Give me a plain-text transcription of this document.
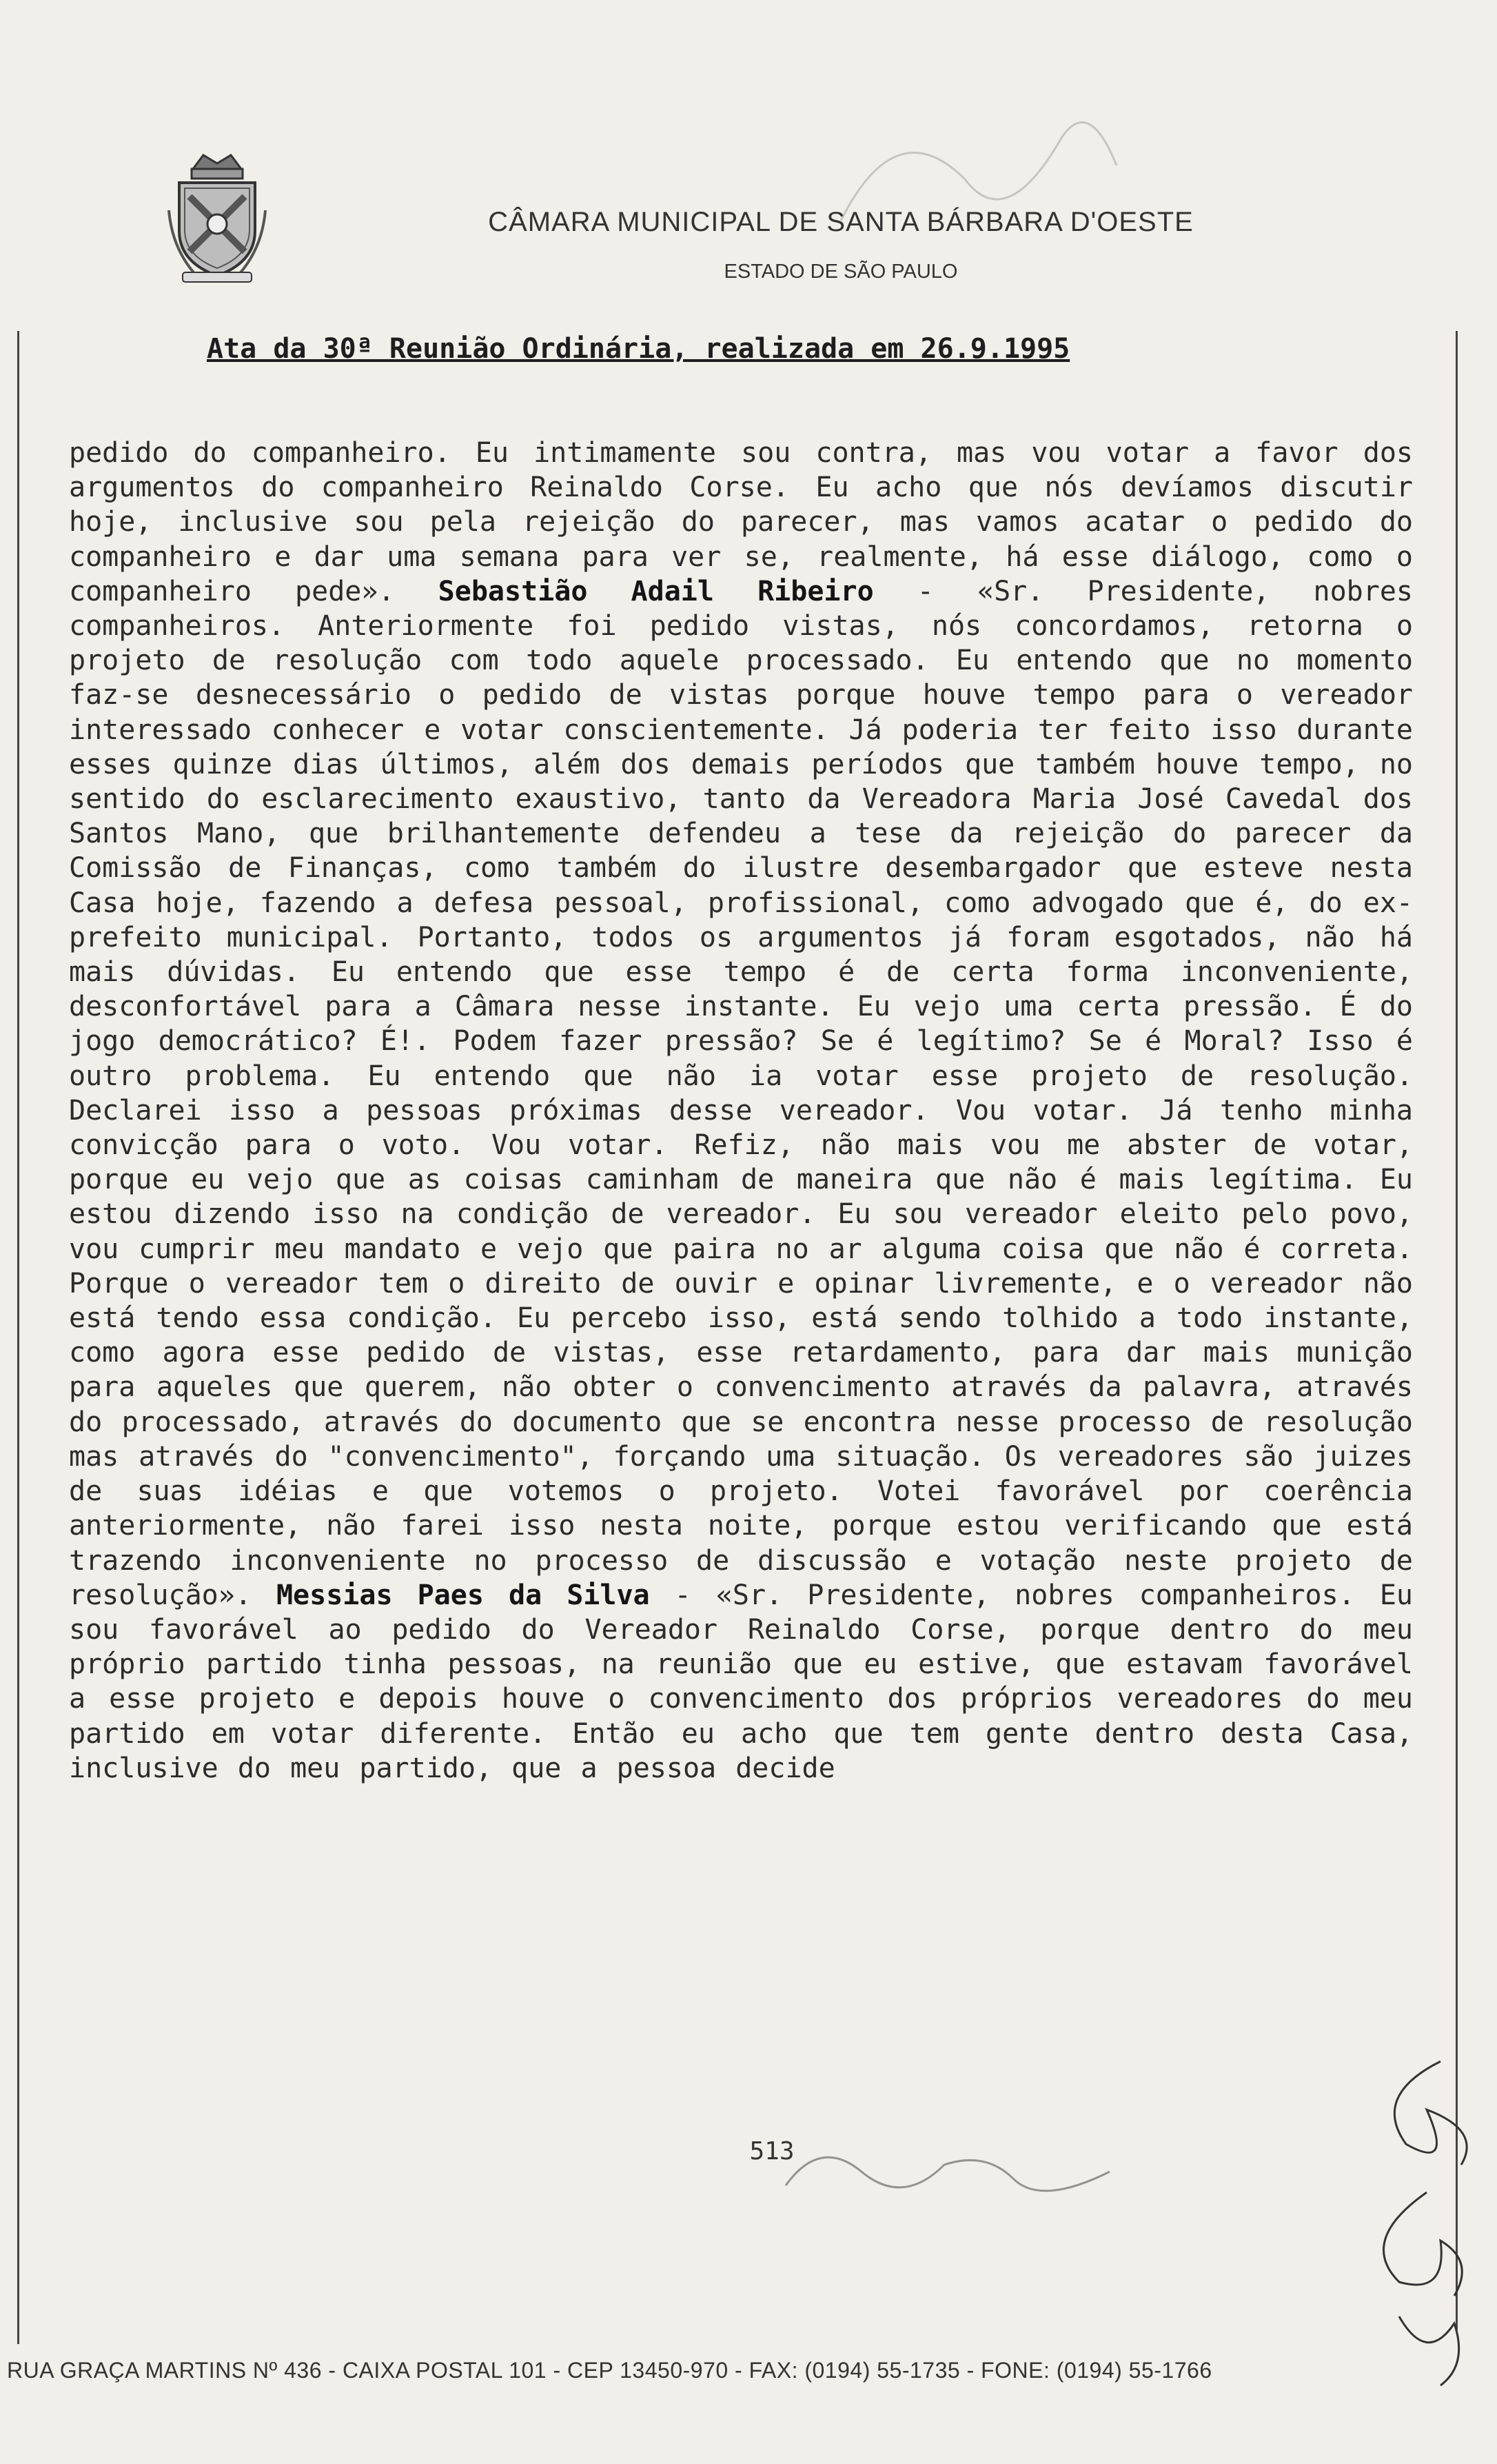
CÂMARA MUNICIPAL DE SANTA BÁRBARA D'OESTE
ESTADO DE SÃO PAULO
Ata da 30ª Reunião Ordinária, realizada em 26.9.1995
pedido do companheiro. Eu intimamente sou contra, mas vou votar a favor dos argumentos do companheiro Reinaldo Corse. Eu acho que nós devíamos discutir hoje, inclusive sou pela rejeição do parecer, mas vamos acatar o pedido do companheiro e dar uma semana para ver se, realmente, há esse diálogo, como o companheiro pede». Sebastião Adail Ribeiro - «Sr. Presidente, nobres companheiros. Anteriormente foi pedido vistas, nós concordamos, retorna o projeto de resolução com todo aquele processado. Eu entendo que no momento faz-se desnecessário o pedido de vistas porque houve tempo para o vereador interessado conhecer e votar conscientemente. Já poderia ter feito isso durante esses quinze dias últimos, além dos demais períodos que também houve tempo, no sentido do esclarecimento exaustivo, tanto da Vereadora Maria José Cavedal dos Santos Mano, que brilhantemente defendeu a tese da rejeição do parecer da Comissão de Finanças, como também do ilustre desembargador que esteve nesta Casa hoje, fazendo a defesa pessoal, profissional, como advogado que é, do ex-prefeito municipal. Portanto, todos os argumentos já foram esgotados, não há mais dúvidas. Eu entendo que esse tempo é de certa forma inconveniente, desconfortável para a Câmara nesse instante. Eu vejo uma certa pressão. É do jogo democrático? É!. Podem fazer pressão? Se é legítimo? Se é Moral? Isso é outro problema. Eu entendo que não ia votar esse projeto de resolução. Declarei isso a pessoas próximas desse vereador. Vou votar. Já tenho minha convicção para o voto. Vou votar. Refiz, não mais vou me abster de votar, porque eu vejo que as coisas caminham de maneira que não é mais legítima. Eu estou dizendo isso na condição de vereador. Eu sou vereador eleito pelo povo, vou cumprir meu mandato e vejo que paira no ar alguma coisa que não é correta. Porque o vereador tem o direito de ouvir e opinar livremente, e o vereador não está tendo essa condição. Eu percebo isso, está sendo tolhido a todo instante, como agora esse pedido de vistas, esse retardamento, para dar mais munição para aqueles que querem, não obter o convencimento através da palavra, através do processado, através do documento que se encontra nesse processo de resolução mas através do "convencimento", forçando uma situação. Os vereadores são juizes de suas idéias e que votemos o projeto. Votei favorável por coerência anteriormente, não farei isso nesta noite, porque estou verificando que está trazendo inconveniente no processo de discussão e votação neste projeto de resolução». Messias Paes da Silva - «Sr. Presidente, nobres companheiros. Eu sou favorável ao pedido do Vereador Reinaldo Corse, porque dentro do meu próprio partido tinha pessoas, na reunião que eu estive, que estavam favorável a esse projeto e depois houve o convencimento dos próprios vereadores do meu partido em votar diferente. Então eu acho que tem gente dentro desta Casa, inclusive do meu partido, que a pessoa decide
513
RUA GRAÇA MARTINS Nº 436 - CAIXA POSTAL 101 - CEP 13450-970 - FAX: (0194) 55-1735 - FONE: (0194) 55-1766
